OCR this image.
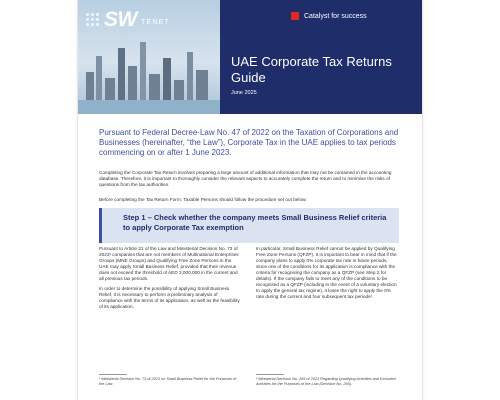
SW TENET
Catalyst for success
UAE Corporate Tax Returns Guide
June 2025
Pursuant to Federal Decree-Law No. 47 of 2022 on the Taxation of Corporations and Businesses (hereinafter, “the Law”), Corporate Tax in the UAE applies to tax periods commencing on or after 1 June 2023.
Completing the Corporate Tax Return involves preparing a large amount of additional information that may not be contained in the accounting database. Therefore, it is important to thoroughly consider the relevant aspects to accurately complete the return and to minimise the risks of questions from the tax authorities.
Before completing the Tax Return Form, Taxable Persons should follow the procedure set out below:
Step 1 – Check whether the company meets Small Business Relief criteria to apply Corporate Tax exemption

Pursuant to Article 21 of the Law and Ministerial Decision No. 73 of 2023¹ companies that are not members of Multinational Enterprises Groups (MNE Groups) and Qualifying Free Zone Persons in the UAE may apply Small Business Relief, provided that their revenue does not exceed the threshold of AED 3,000,000 in the current and all previous tax periods.

In order to determine the possibility of applying Small Business Relief, it is necessary to perform a preliminary analysis of compliance with the terms of its application, as well as the feasibility of its application.

In particular, Small Business Relief cannot be applied by Qualifying Free Zone Persons (QFZP). It is important to bear in mind that if the company plans to apply 0% corporate tax rate in future periods, since one of the conditions for its application is compliance with the criteria for recognising the company as a QFZP (see Step 2 for details). If the company fails to meet any of the conditions to be recognised as a QFZP (including in the event of a voluntary election to apply the general tax regime), it loses the right to apply the 0% rate during the current and four subsequent tax periods².

¹ Ministerial Decision No. 73 of 2023 on Small Business Relief for the Purposes of the Law.
² Ministerial Decision No. 265 of 2023 Regarding Qualifying Activities and Excluded Activities for the Purposes of the Law (Decision No. 265).
